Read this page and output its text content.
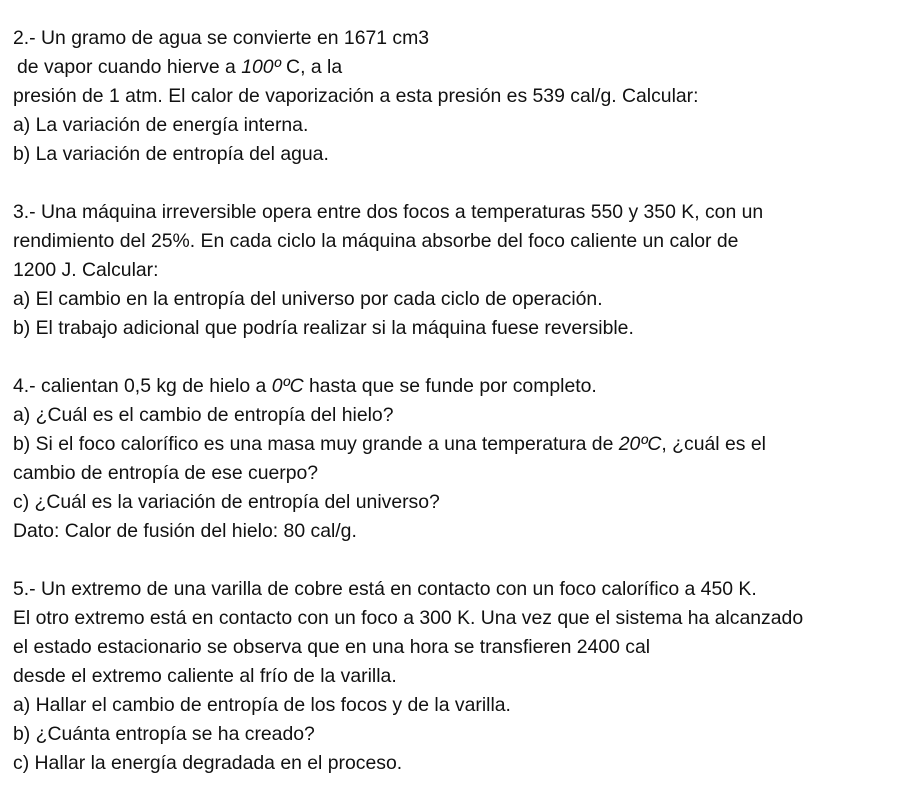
2.- Un gramo de agua se convierte en 1671 cm3
de vapor cuando hierve a 100º C, a la
presión de 1 atm. El calor de vaporización a esta presión es 539 cal/g. Calcular:
a) La variación de energía interna.
b) La variación de entropía del agua.
3.- Una máquina irreversible opera entre dos focos a temperaturas 550 y 350 K, con un
rendimiento del 25%. En cada ciclo la máquina absorbe del foco caliente un calor de
1200 J. Calcular:
a) El cambio en la entropía del universo por cada ciclo de operación.
b) El trabajo adicional que podría realizar si la máquina fuese reversible.
4.- calientan 0,5 kg de hielo a 0ºC hasta que se funde por completo.
a) ¿Cuál es el cambio de entropía del hielo?
b) Si el foco calorífico es una masa muy grande a una temperatura de 20ºC, ¿cuál es el
cambio de entropía de ese cuerpo?
c) ¿Cuál es la variación de entropía del universo?
Dato: Calor de fusión del hielo: 80 cal/g.
5.- Un extremo de una varilla de cobre está en contacto con un foco calorífico a 450 K.
El otro extremo está en contacto con un foco a 300 K. Una vez que el sistema ha alcanzado
el estado estacionario se observa que en una hora se transfieren 2400 cal
desde el extremo caliente al frío de la varilla.
a) Hallar el cambio de entropía de los focos y de la varilla.
b) ¿Cuánta entropía se ha creado?
c) Hallar la energía degradada en el proceso.
